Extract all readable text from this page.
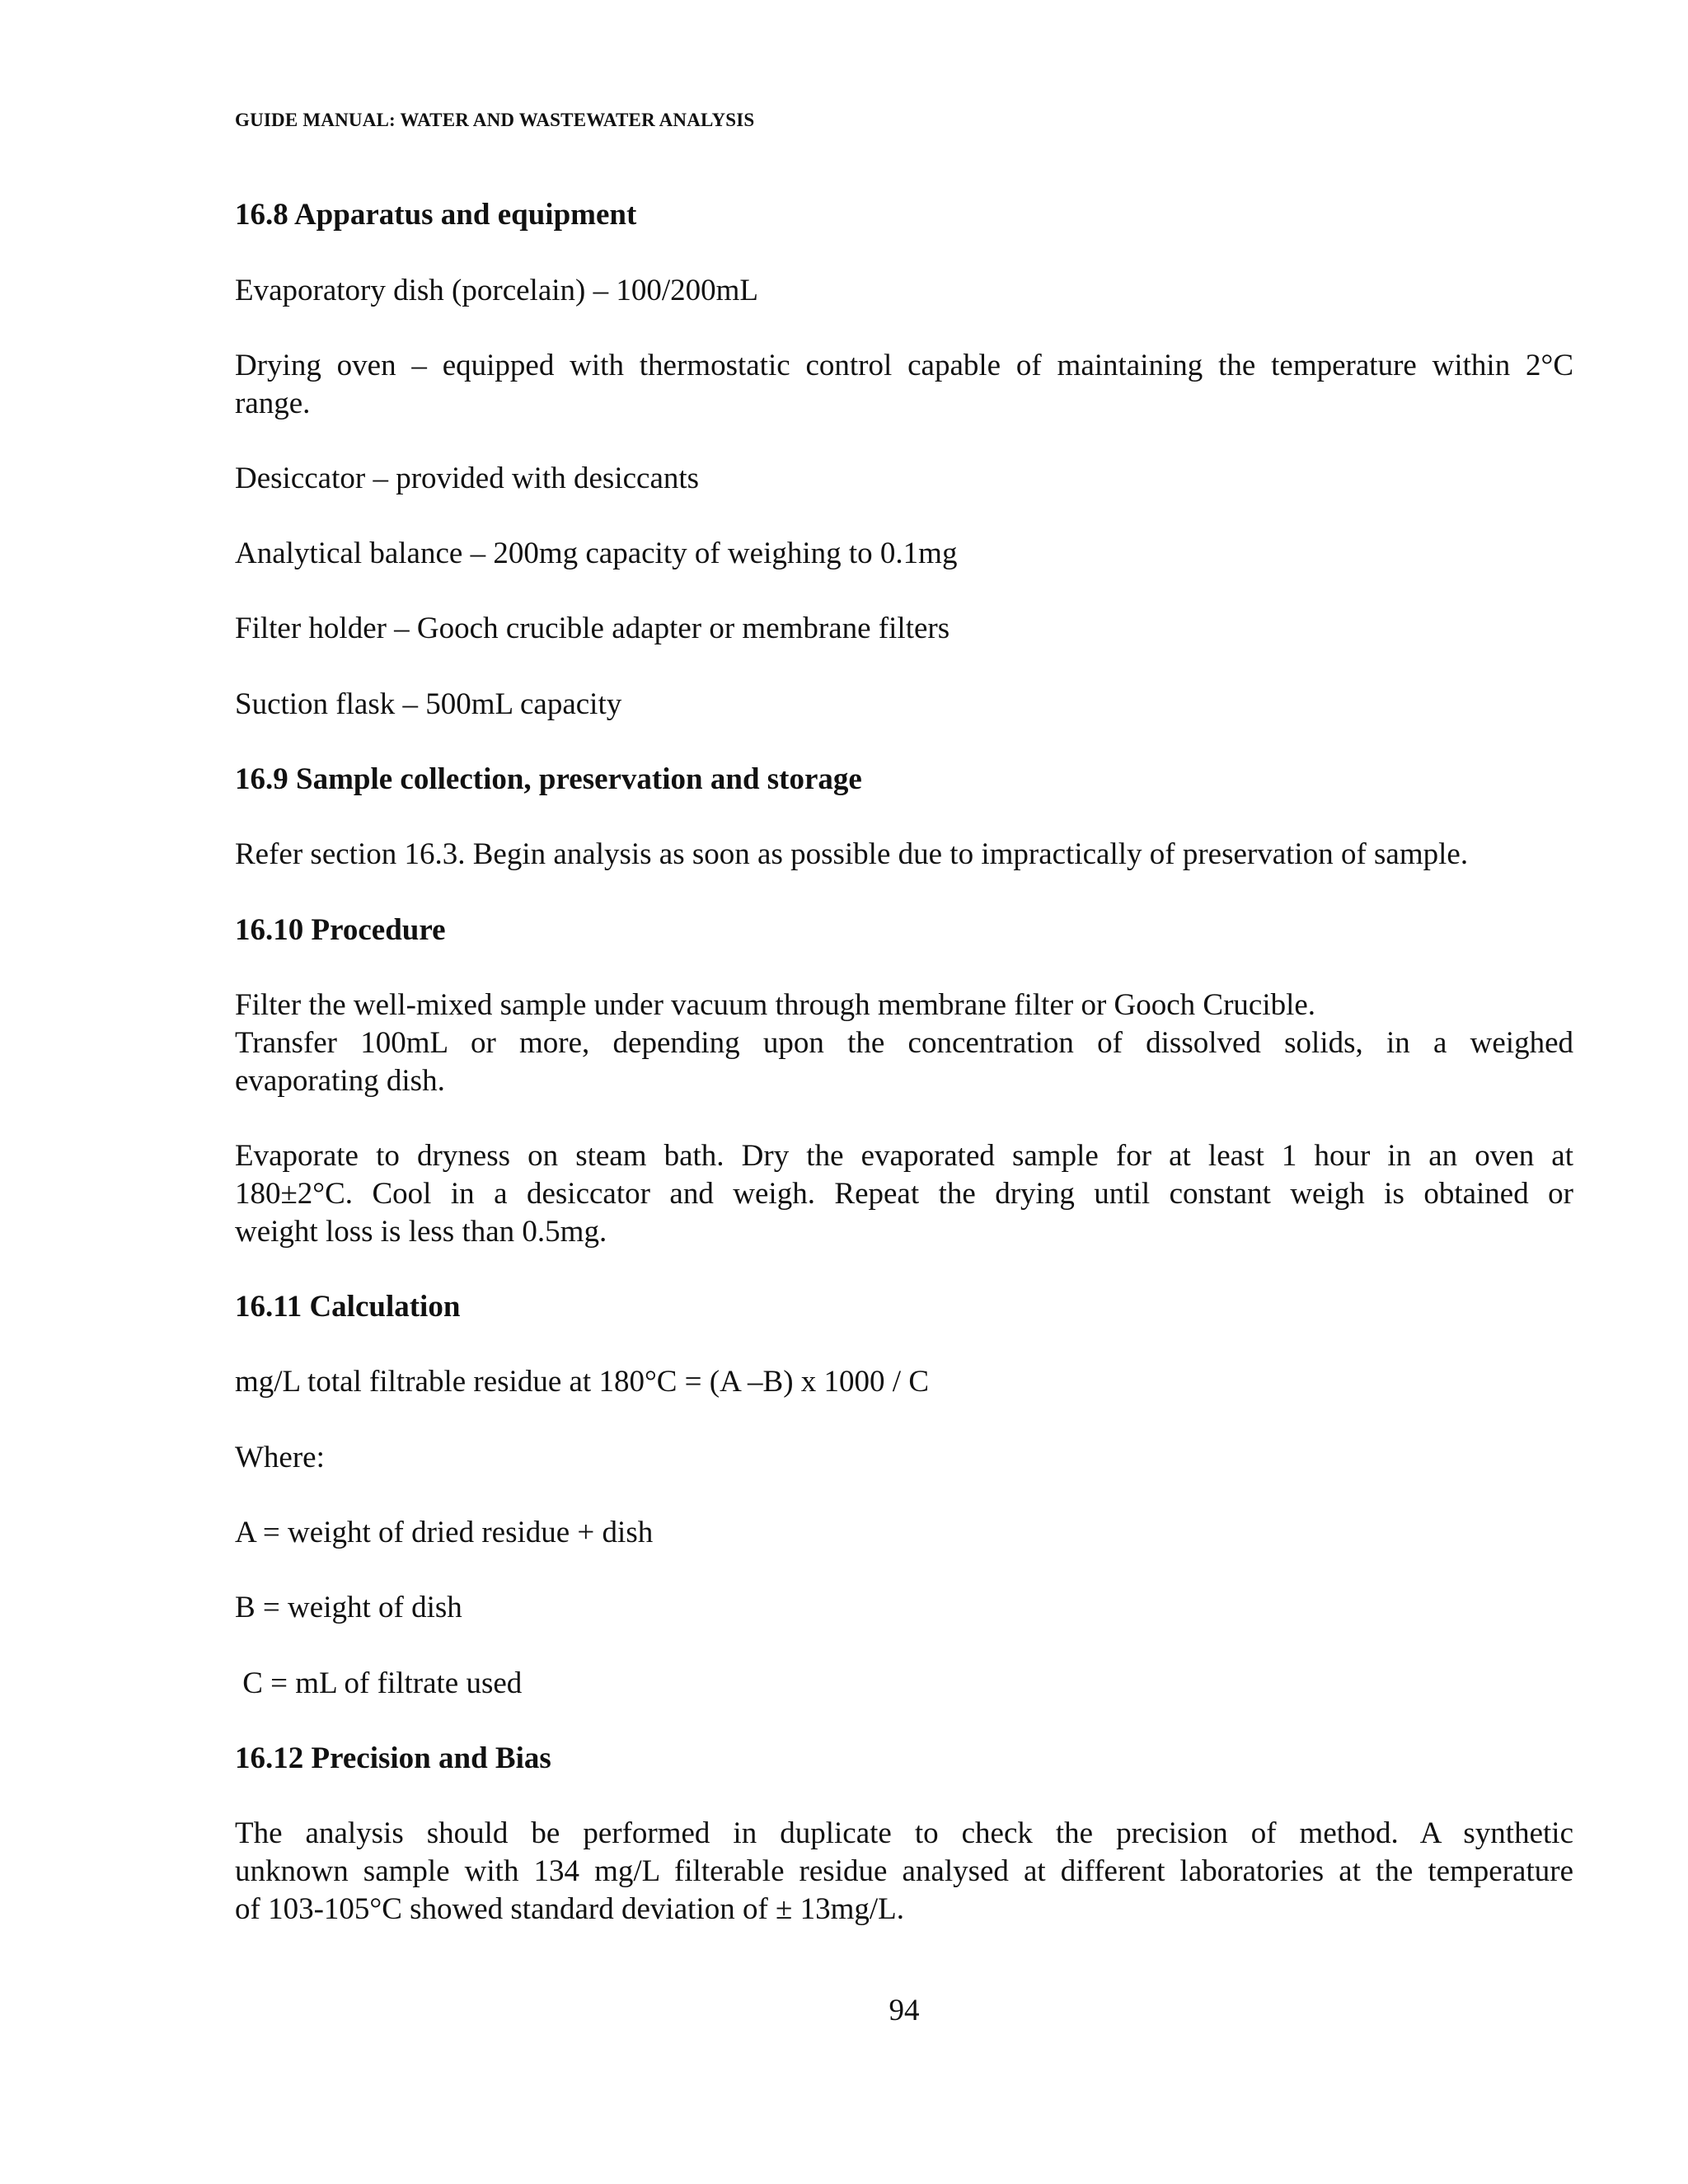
GUIDE MANUAL: WATER AND WASTEWATER ANALYSIS
16.8 Apparatus and equipment
Evaporatory dish (porcelain) – 100/200mL
Drying oven – equipped with thermostatic control capable of maintaining the temperature within 2°C
range.
Desiccator – provided with desiccants
Analytical balance – 200mg capacity of weighing to 0.1mg
Filter holder – Gooch crucible adapter or membrane filters
Suction flask – 500mL capacity
16.9 Sample collection, preservation and storage
Refer section 16.3. Begin analysis as soon as possible due to impractically of preservation of sample.
16.10 Procedure
Filter the well-mixed sample under vacuum through membrane filter or Gooch Crucible.
Transfer 100mL or more, depending upon the concentration of dissolved solids, in a weighed
evaporating dish.
Evaporate to dryness on steam bath. Dry the evaporated sample for at least 1 hour in an oven at
180±2°C. Cool in a desiccator and weigh. Repeat the drying until constant weigh is obtained or
weight loss is less than 0.5mg.
16.11 Calculation
mg/L total filtrable residue at 180°C = (A –B) x 1000 / C
Where:
A = weight of dried residue + dish
B = weight of dish
C = mL of filtrate used
16.12 Precision and Bias
The analysis should be performed in duplicate to check the precision of method. A synthetic
unknown sample with 134 mg/L filterable residue analysed at different laboratories at the temperature
of 103-105°C showed standard deviation of ± 13mg/L.
94
